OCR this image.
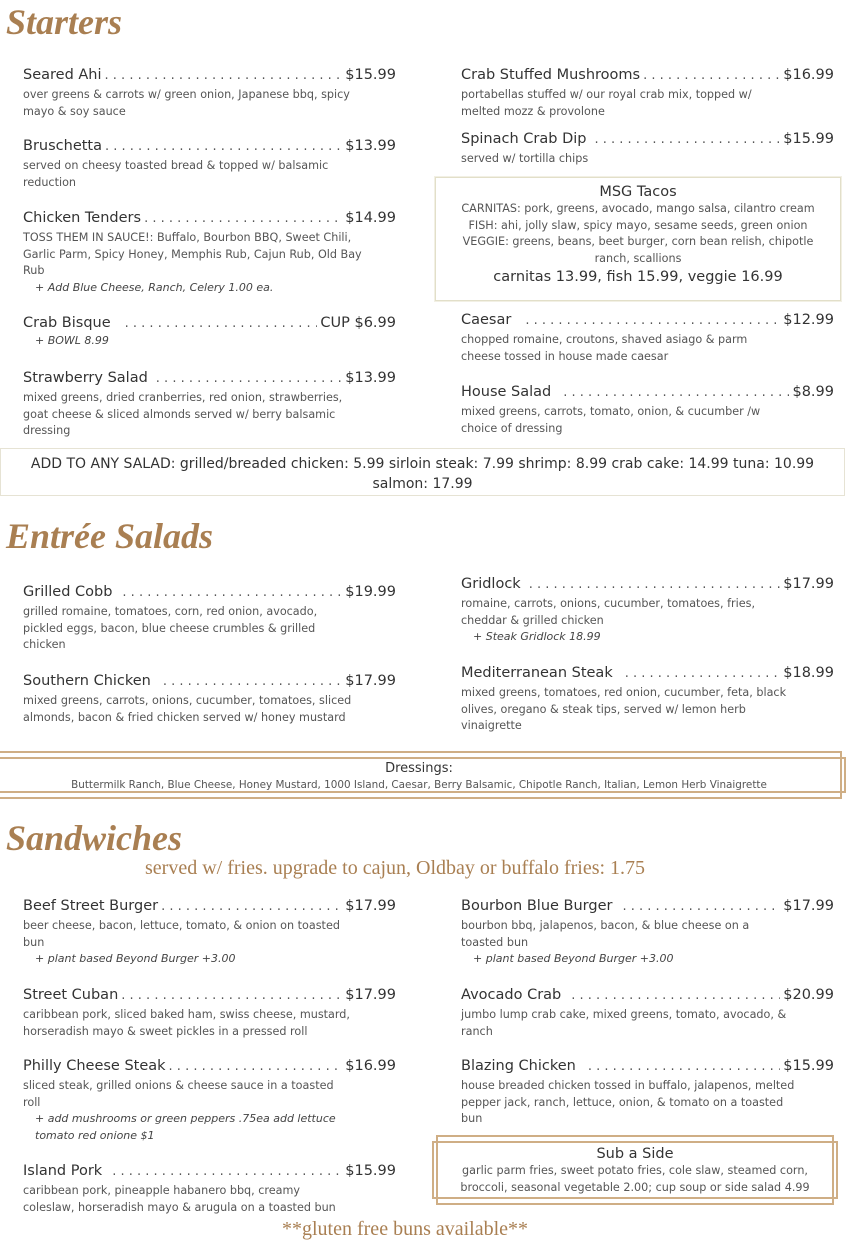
Starters
Seared Ahi . . .	$15.99
over greens & carrots w/ green onion, Japanese bbq, spicy mayo & soy sauce
Bruschetta . . .	$13.99
served on cheesy toasted bread & topped w/ balsamic reduction
Chicken Tenders . . .	$14.99
TOSS THEM IN SAUCE!: Buffalo, Bourbon BBQ, Sweet Chili, Garlic Parm, Spicy Honey, Memphis Rub, Cajun Rub, Old Bay Rub
+ Add Blue Cheese, Ranch, Celery 1.00 ea.
Crab Bisque . . .	CUP $6.99
+ BOWL 8.99
Strawberry Salad . . .	$13.99
mixed greens, dried cranberries, red onion, strawberries, goat cheese & sliced almonds served w/ berry balsamic dressing
Crab Stuffed Mushrooms . . .	$16.99
portabellas stuffed w/ our royal crab mix, topped w/ melted mozz & provolone
Spinach Crab Dip . . .	$15.99
served w/ tortilla chips
MSG Tacos
CARNITAS: pork, greens, avocado, mango salsa, cilantro cream
FISH: ahi, jolly slaw, spicy mayo, sesame seeds, green onion
VEGGIE: greens, beans, beet burger, corn bean relish, chipotle ranch, scallions
carnitas 13.99, fish 15.99, veggie 16.99
Caesar . . .	$12.99
chopped romaine, croutons, shaved asiago & parm cheese tossed in house made caesar
House Salad . . .	$8.99
mixed greens, carrots, tomato, onion, & cucumber /w choice of dressing
ADD TO ANY SALAD: grilled/breaded chicken: 5.99 sirloin steak: 7.99 shrimp: 8.99 crab cake: 14.99 tuna: 10.99 salmon: 17.99
Entrée Salads
Grilled Cobb . . .	$19.99
grilled romaine, tomatoes, corn, red onion, avocado, pickled eggs, bacon, blue cheese crumbles & grilled chicken
Southern Chicken . . .	$17.99
mixed greens, carrots, onions, cucumber, tomatoes, sliced almonds, bacon & fried chicken served w/ honey mustard
Gridlock . . .	$17.99
romaine, carrots, onions, cucumber, tomatoes, fries, cheddar & grilled chicken
+ Steak Gridlock 18.99
Mediterranean Steak . . .	$18.99
mixed greens, tomatoes, red onion, cucumber, feta, black olives, oregano & steak tips, served w/ lemon herb vinaigrette
Dressings:
Buttermilk Ranch, Blue Cheese, Honey Mustard, 1000 Island, Caesar, Berry Balsamic, Chipotle Ranch, Italian, Lemon Herb Vinaigrette
Sandwiches
served w/ fries. upgrade to cajun, Oldbay or buffalo fries: 1.75
Beef Street Burger . . .	$17.99
beer cheese, bacon, lettuce, tomato, & onion on toasted bun
+ plant based Beyond Burger +3.00
Street Cuban . . .	$17.99
caribbean pork, sliced baked ham, swiss cheese, mustard, horseradish mayo & sweet pickles in a pressed roll
Philly Cheese Steak . . .	$16.99
sliced steak, grilled onions & cheese sauce in a toasted roll
+ add mushrooms or green peppers .75ea add lettuce tomato red onione $1
Island Pork . . .	$15.99
caribbean pork, pineapple habanero bbq, creamy coleslaw, horseradish mayo & arugula on a toasted bun
Bourbon Blue Burger . . .	$17.99
bourbon bbq, jalapenos, bacon, & blue cheese on a toasted bun
+ plant based Beyond Burger +3.00
Avocado Crab . . .	$20.99
jumbo lump crab cake, mixed greens, tomato, avocado, & ranch
Blazing Chicken . . .	$15.99
house breaded chicken tossed in buffalo, jalapenos, melted pepper jack, ranch, lettuce, onion, & tomato on a toasted bun
Sub a Side
garlic parm fries, sweet potato fries, cole slaw, steamed corn, broccoli, seasonal vegetable 2.00; cup soup or side salad 4.99
**gluten free buns available**
